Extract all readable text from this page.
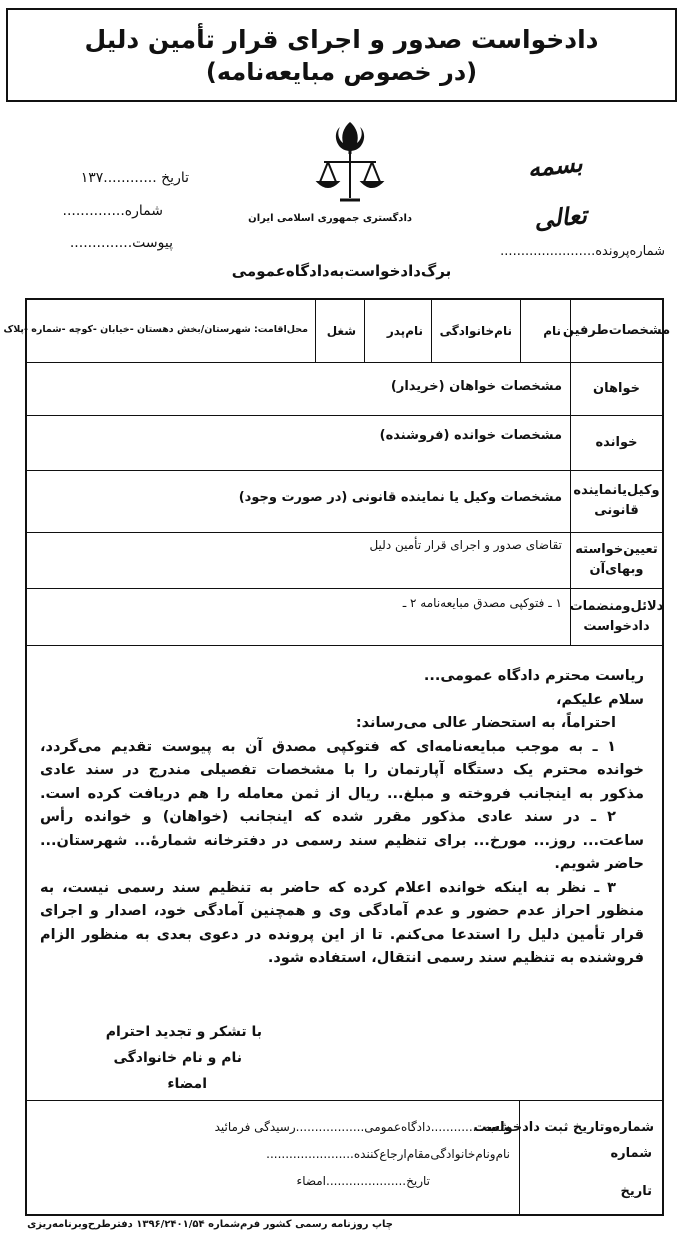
دادخواست صدور و اجرای قرار تأمین دلیل
(در خصوص مبایعه‌نامه)
بسمه تعالی
دادگستری جمهوری اسلامی ایران
تاریخ ............۱۳۷
شماره..............
پیوست..............
شماره‌پرونده.......................
برگ‌دادخواست‌به‌دادگاه‌عمومی
مشخصات‌طرفین
نام
نام‌خانوادگی
نام‌پدر
شغل
محل‌اقامت: شهرستان/بخش دهستان -خیابان -کوچه -شماره -پلاک
خواهان
مشخصات خواهان (خریدار)
خوانده
مشخصات خوانده (فروشنده)
وکیل‌یانماینده قانونی
مشخصات وکیل یا نماینده قانونی (در صورت وجود)
تعیین‌خواسته وبهای‌آن
تقاضای صدور و اجرای قرار تأمین دلیل
دلائل‌ومنضمات دادخواست
۱ ـ فتوکپی مصدق مبایعه‌نامه ۲ ـ
ریاست محترم دادگاه عمومی...
سلام علیکم،
احتراماً، به استحضار عالی می‌رساند:
۱ ـ به موجب مبایعه‌نامه‌ای که فتوکپی مصدق آن به پیوست تقدیم می‌گردد،
خوانده محترم یک دستگاه آپارتمان را با مشخصات تفصیلی مندرج در سند عادی
مذکور به اینجانب فروخته و مبلغ... ریال از ثمن معامله را هم دریافت کرده است.
۲ ـ در سند عادی مذکور مقرر شده که اینجانب (خواهان) و خوانده رأس
ساعت... روز... مورخ... برای تنظیم سند رسمی در دفترخانه شمارهٔ... شهرستان...
حاضر شویم.
۳ ـ نظر به اینکه خوانده اعلام کرده که حاضر به تنظیم سند رسمی نیست، به
منظور احراز عدم حضور و عدم آمادگی وی و همچنین آمادگی خود، اصدار و اجرای
قرار تأمین دلیل را استدعا می‌کنم. تا از این پرونده در دعوی بعدی به منظور الزام
فروشنده به تنظیم سند رسمی انتقال، استفاده شود.
با تشکر و تجدید احترام
نام و نام خانوادگی
امضاء
شماره‌وتاریخ ثبت دادخواست
شماره
تاریخ
شعبه..............دادگاه‌عمومی..................رسیدگی فرمائید
نام‌ونام‌خانوادگی‌مقام‌ارجاع‌کننده.......................
تاریخ.....................امضاء
چاپ روزنامه رسمی کشور فرم‌شماره ۱۳۹۶/۲۴۰۱/۵۴ دفترطرح‌وبرنامه‌ریزی
